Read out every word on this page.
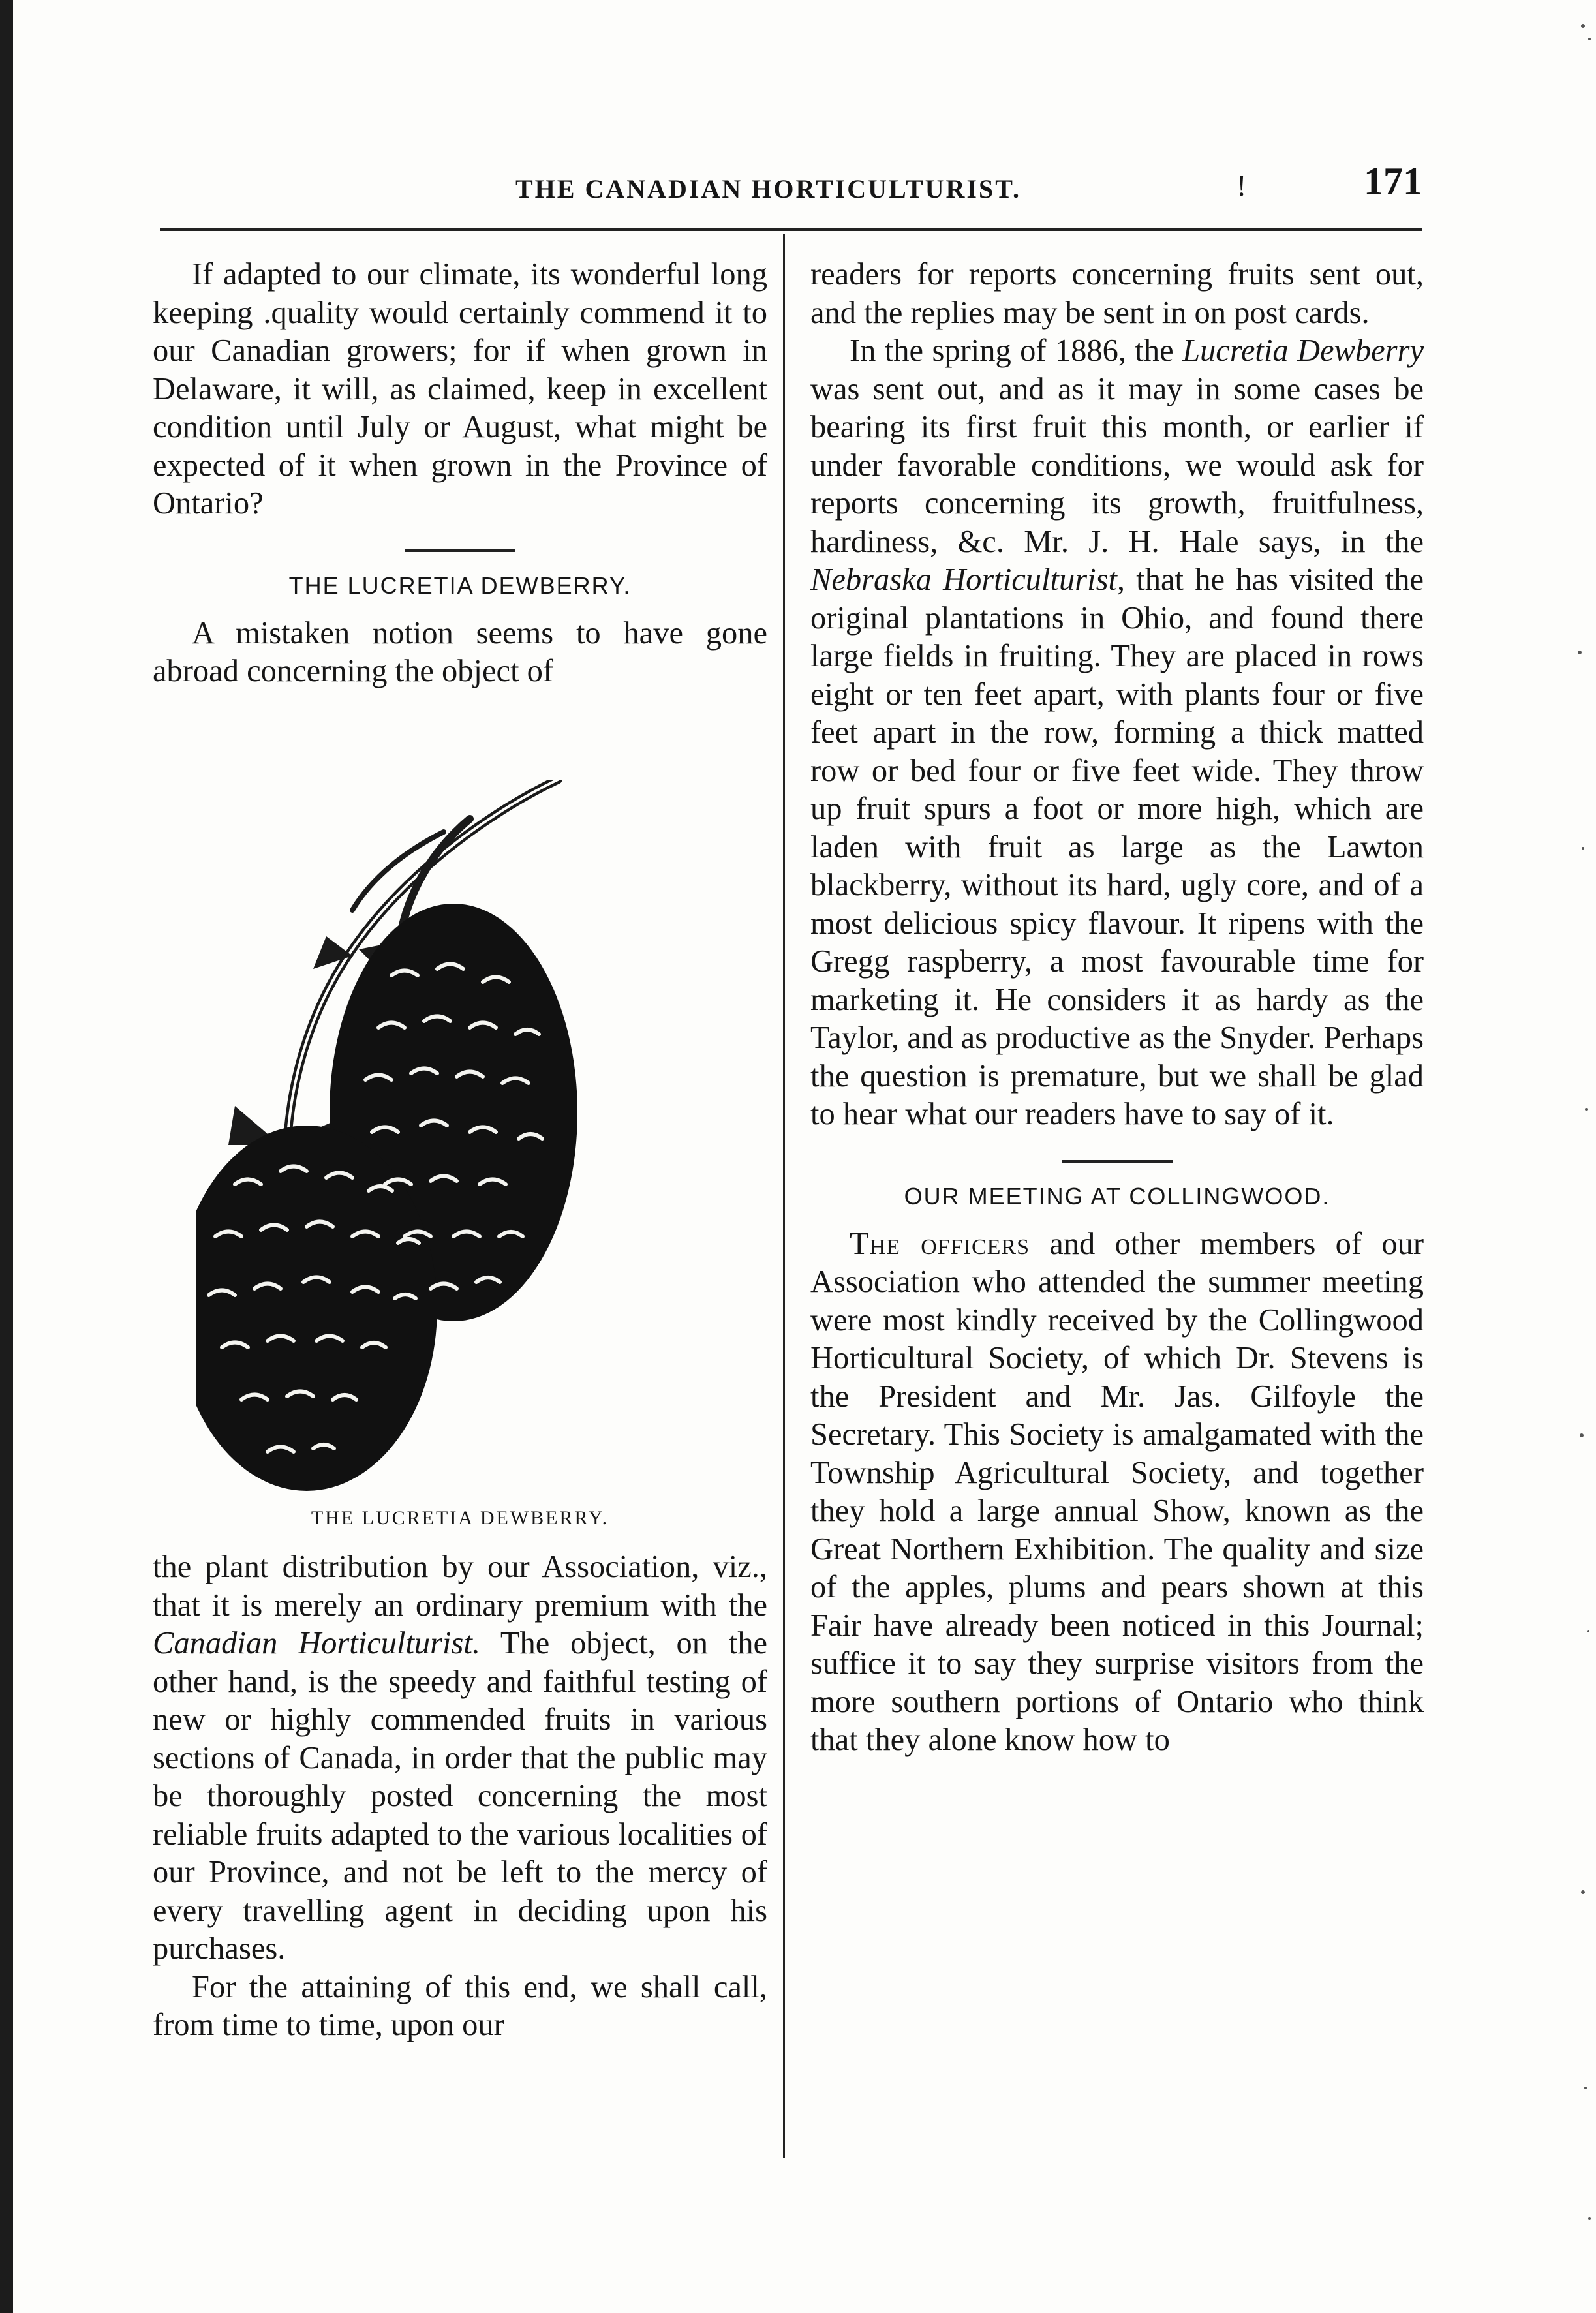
THE CANADIAN HORTICULTURIST.	!	171

If adapted to our climate, its wonderful long keeping .quality would certainly commend it to our Canadian growers; for if when grown in Delaware, it will, as claimed, keep in excellent condition until July or August, what might be expected of it when grown in the Province of Ontario?

THE LUCRETIA DEWBERRY.

A mistaken notion seems to have gone abroad concerning the object of

THE LUCRETIA DEWBERRY.

the plant distribution by our Association, viz., that it is merely an ordinary premium with the Canadian Horticulturist. The object, on the other hand, is the speedy and faithful testing of new or highly commended fruits in various sections of Canada, in order that the public may be thoroughly posted concerning the most reliable fruits adapted to the various localities of our Province, and not be left to the mercy of every travelling agent in deciding upon his purchases.

For the attaining of this end, we shall call, from time to time, upon our

readers for reports concerning fruits sent out, and the replies may be sent in on post cards.

In the spring of 1886, the Lucretia Dewberry was sent out, and as it may in some cases be bearing its first fruit this month, or earlier if under favorable conditions, we would ask for reports concerning its growth, fruitfulness, hardiness, &c. Mr. J. H. Hale says, in the Nebraska Horticulturist, that he has visited the original plantations in Ohio, and found there large fields in fruiting. They are placed in rows eight or ten feet apart, with plants four or five feet apart in the row, forming a thick matted row or bed four or five feet wide. They throw up fruit spurs a foot or more high, which are laden with fruit as large as the Lawton blackberry, without its hard, ugly core, and of a most delicious spicy flavour. It ripens with the Gregg raspberry, a most favourable time for marketing it. He considers it as hardy as the Taylor, and as productive as the Snyder. Perhaps the question is premature, but we shall be glad to hear what our readers have to say of it.

OUR MEETING AT COLLINGWOOD.

The officers and other members of our Association who attended the summer meeting were most kindly received by the Collingwood Horticultural Society, of which Dr. Stevens is the President and Mr. Jas. Gilfoyle the Secretary. This Society is amalgamated with the Township Agricultural Society, and together they hold a large annual Show, known as the Great Northern Exhibition. The quality and size of the apples, plums and pears shown at this Fair have already been noticed in this Journal; suffice it to say they surprise visitors from the more southern portions of Ontario who think that they alone know how to
